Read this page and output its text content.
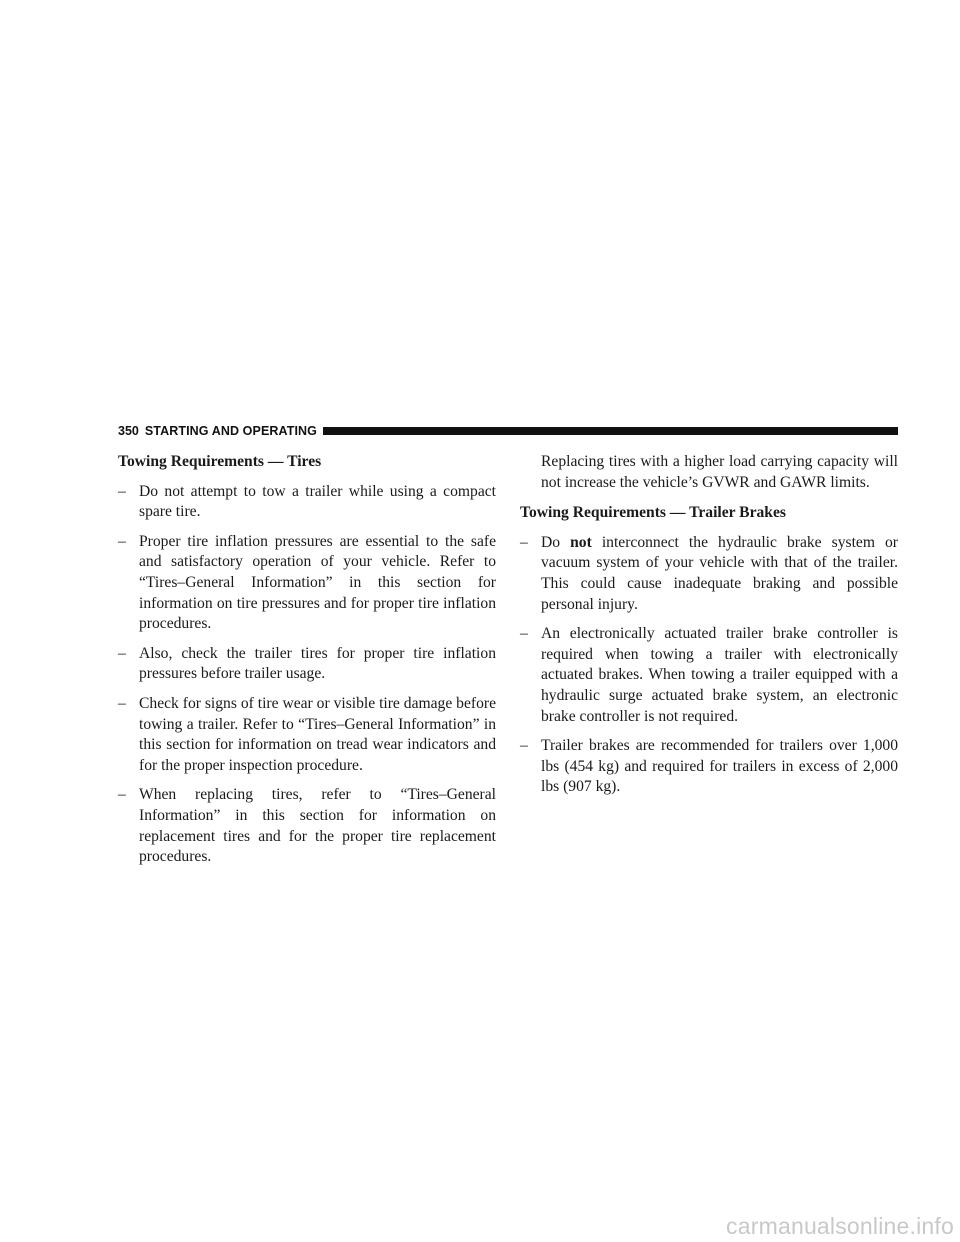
350 STARTING AND OPERATING
Towing Requirements — Tires
– Do not attempt to tow a trailer while using a compact spare tire.
– Proper tire inflation pressures are essential to the safe and satisfactory operation of your vehicle. Refer to “Tires–General Information” in this section for information on tire pressures and for proper tire inflation procedures.
– Also, check the trailer tires for proper tire inflation pressures before trailer usage.
– Check for signs of tire wear or visible tire damage before towing a trailer. Refer to “Tires–General Information” in this section for information on tread wear indicators and for the proper inspection procedure.
– When replacing tires, refer to “Tires–General Information” in this section for information on replacement tires and for the proper tire replacement procedures.

Replacing tires with a higher load carrying capacity will not increase the vehicle’s GVWR and GAWR limits.

Towing Requirements — Trailer Brakes
– Do not interconnect the hydraulic brake system or vacuum system of your vehicle with that of the trailer. This could cause inadequate braking and possible personal injury.
– An electronically actuated trailer brake controller is required when towing a trailer with electronically actuated brakes. When towing a trailer equipped with a hydraulic surge actuated brake system, an electronic brake controller is not required.
– Trailer brakes are recommended for trailers over 1,000 lbs (454 kg) and required for trailers in excess of 2,000 lbs (907 kg).
carmanualsonline.info
